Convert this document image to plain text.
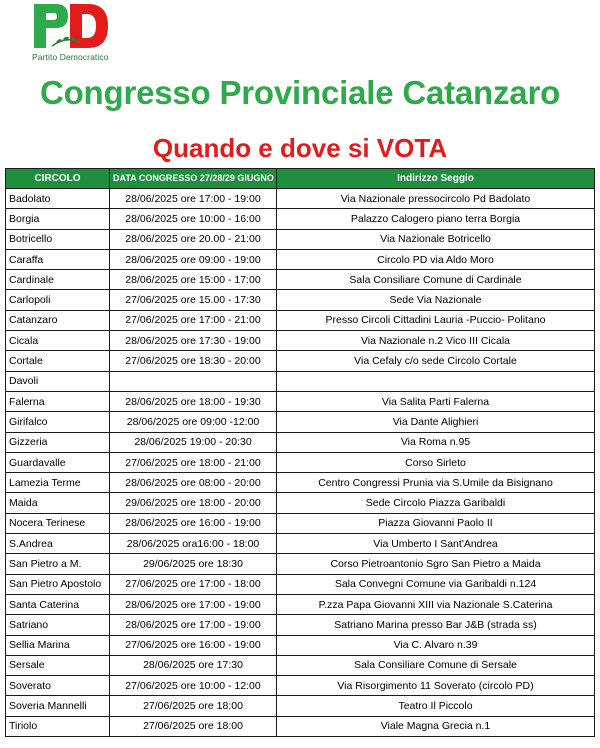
Partito Democratico
Congresso Provinciale Catanzaro
Quando e dove si VOTA
CIRCOLO	DATA CONGRESSO 27/28/29 GIUGNO	Indirizzo Seggio
Badolato	28/06/2025 ore 17:00 - 19:00	Via Nazionale pressocircolo Pd Badolato
Borgia	28/06/2025 ore 10:00 - 16:00	Palazzo Calogero piano terra Borgia
Botricello	28/06/2025 ore 20.00 - 21:00	Via Nazionale Botricello
Caraffa	28/06/2025 ore 09:00 - 19:00	Circolo PD via Aldo Moro
Cardinale	28/06/2025 ore 15:00 - 17:00	Sala Consiliare Comune di Cardinale
Carlopoli	27/06/2025 ore 15.00 - 17:30	Sede Via Nazionale
Catanzaro	27/06/2025 ore 17:00 - 21:00	Presso Circoli Cittadini Lauria -Puccio- Politano
Cicala	28/06/2025 ore 17:30 - 19:00	Via Nazionale n.2 Vico III Cicala
Cortale	27/06/2025 ore 18:30 - 20:00	Via Cefaly c/o sede Circolo Cortale
Davoli		
Falerna	28/06/2025 ore 18:00 - 19:30	Via Salita Parti Falerna
Girifalco	28/06/2025 ore 09:00 -12:00	Via Dante Alighieri
Gizzeria	28/06/2025 19:00 - 20:30	Via Roma n.95
Guardavalle	27/06/2025 ore 18:00 - 21:00	Corso Sirleto
Lamezia Terme	28/06/2025 ore 08:00 - 20:00	Centro Congressi Prunia via S.Umile da Bisignano
Maida	29/06/2025 ore 18:00 - 20:00	Sede Circolo Piazza Garibaldi
Nocera Terinese	28/06/2025 ore 16:00 - 19:00	Piazza Giovanni Paolo II
S.Andrea	28/06/2025 ora16:00 - 18:00	Via Umberto I Sant'Andrea
San Pietro a M.	29/06/2025 ore 18:30	Corso Pietroantonio Sgro San Pietro a Maida
San Pietro Apostolo	27/06/2025 ore 17:00 - 18:00	Sala Convegni Comune via Garibaldi n.124
Santa Caterina	28/06/2025 ore 17:00 - 19:00	P.zza Papa Giovanni XIII via Nazionale S.Caterina
Satriano	28/06/2025 ore 17:00 - 19:00	Satriano Marina presso Bar J&B (strada ss)
Sellia Marina	27/06/2025 ore 16:00 - 19:00	Via C. Alvaro n.39
Sersale	28/06/2025 ore 17:30	Sala Consiliare Comune di Sersale
Soverato	27/06/2025 ore 10:00 - 12:00	Via Risorgimento 11 Soverato (circolo PD)
Soveria Mannelli	27/06/2025 ore 18:00	Teatro Il Piccolo
Tiriolo	27/06/2025 ore 18:00	Viale Magna Grecia n.1
